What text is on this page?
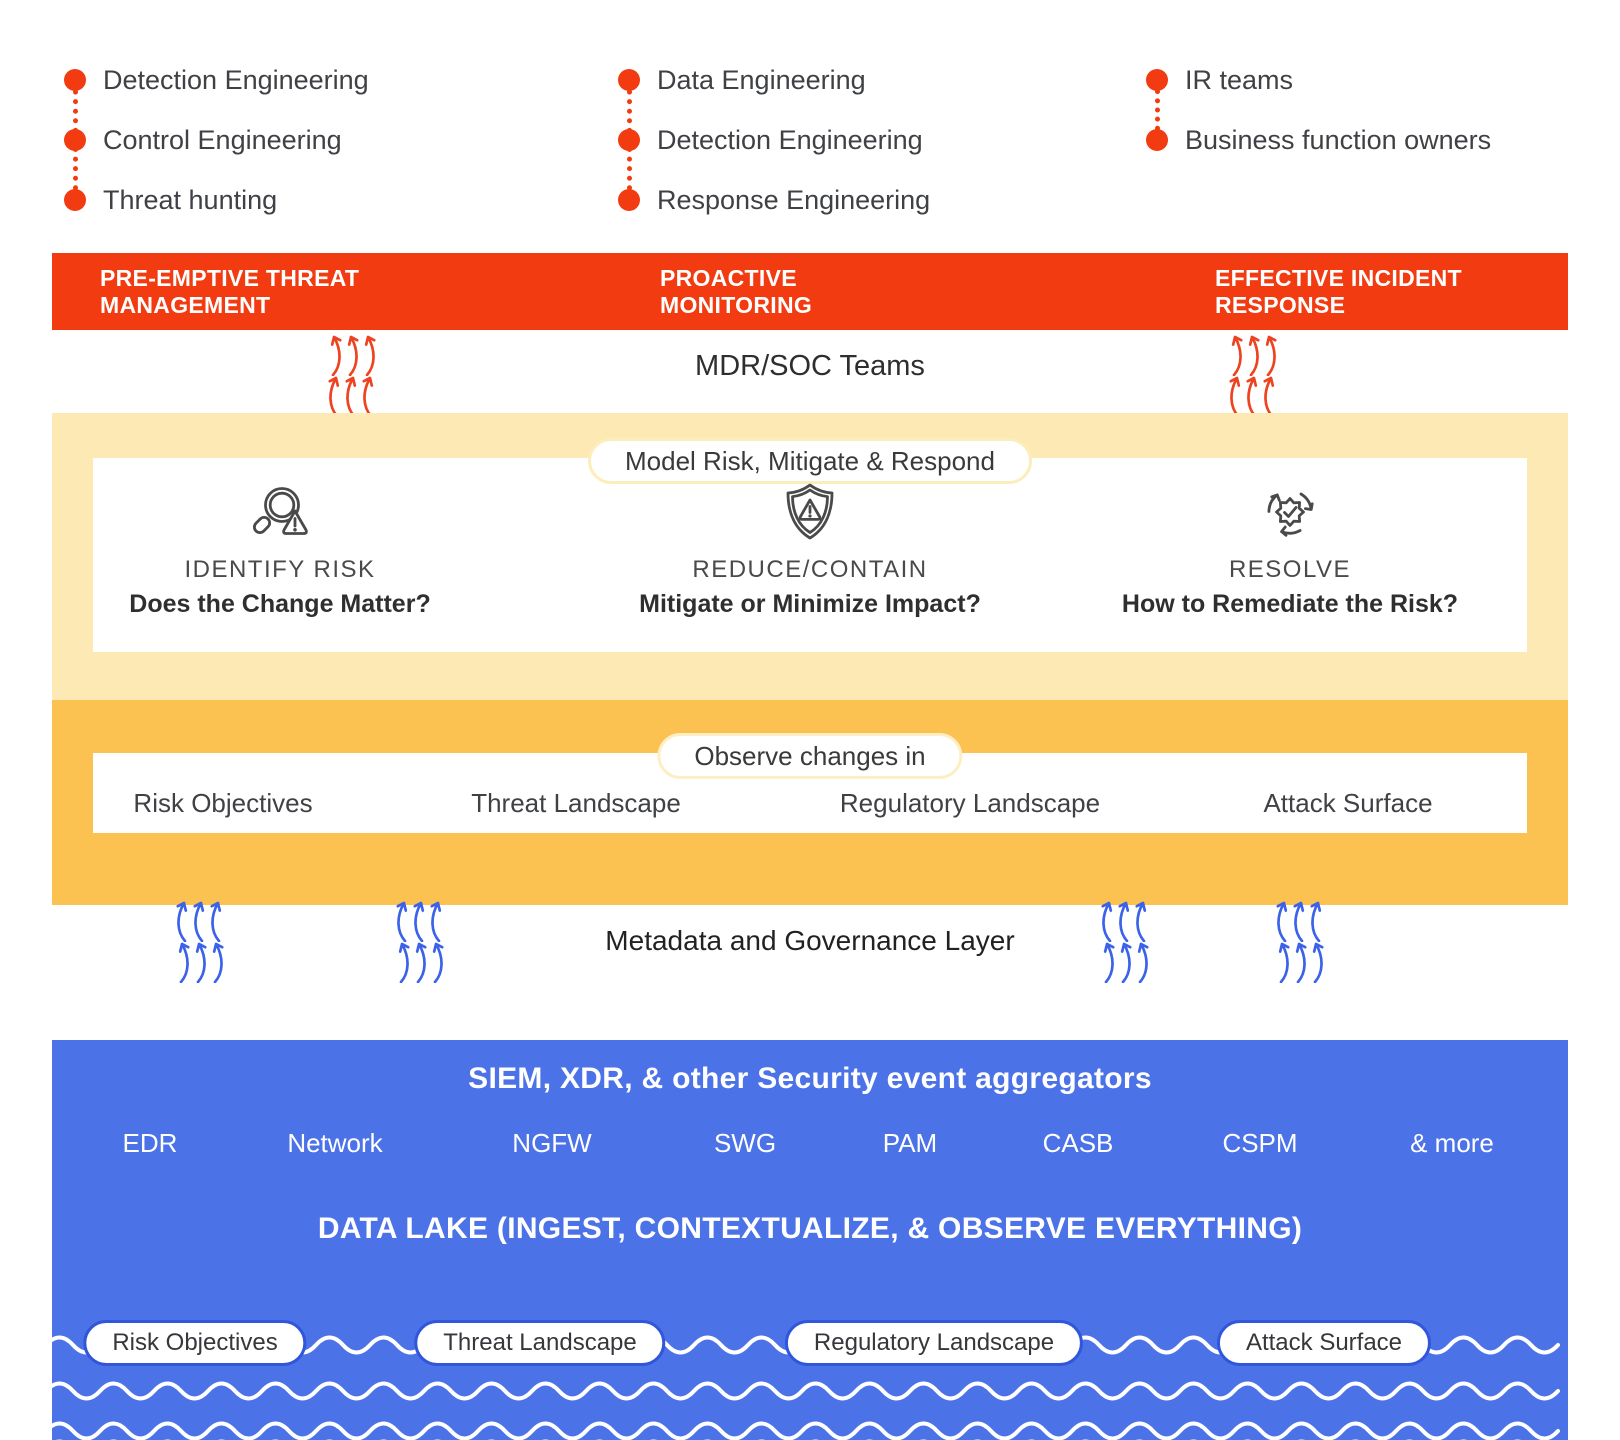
Detection Engineering
Control Engineering
Threat hunting
Data Engineering
Detection Engineering
Response Engineering
IR teams
Business function owners
PRE-EMPTIVE THREAT MANAGEMENT
PROACTIVE MONITORING
EFFECTIVE INCIDENT RESPONSE
MDR/SOC Teams
Model Risk, Mitigate & Respond
IDENTIFY RISK
Does the Change Matter?
REDUCE/CONTAIN
Mitigate or Minimize Impact?
RESOLVE
How to Remediate the Risk?
Observe changes in
Risk Objectives	Threat Landscape	Regulatory Landscape	Attack Surface
Metadata and Governance Layer
SIEM, XDR, & other Security event aggregators
EDR	Network	NGFW	SWG	PAM	CASB	CSPM	& more
DATA LAKE (INGEST, CONTEXTUALIZE, & OBSERVE EVERYTHING)
Risk Objectives	Threat Landscape	Regulatory Landscape	Attack Surface
